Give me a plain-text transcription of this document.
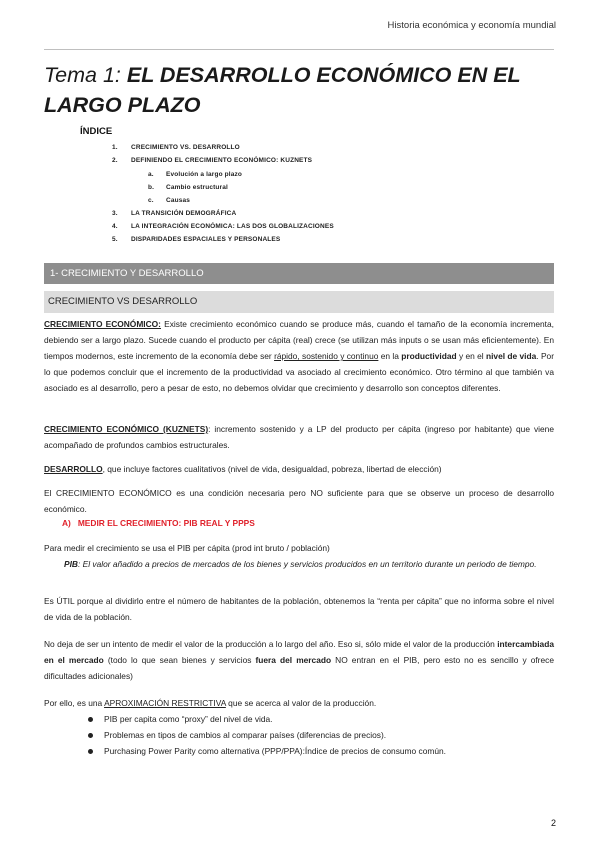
Historia económica y economía mundial
Tema 1: EL DESARROLLO ECONÓMICO EN EL
LARGO PLAZO
ÍNDICE
1. CRECIMIENTO VS. DESARROLLO
2. DEFINIENDO EL CRECIMIENTO ECONÓMICO: KUZNETS
a. Evolución a largo plazo
b. Cambio estructural
c. Causas
3. LA TRANSICIÓN DEMOGRÁFICA
4. LA INTEGRACIÓN ECONÓMICA: LAS DOS GLOBALIZACIONES
5. DISPARIDADES ESPACIALES Y PERSONALES
1- CRECIMIENTO Y DESARROLLO
CRECIMIENTO VS DESARROLLO
CRECIMIENTO ECONÓMICO: Existe crecimiento económico cuando se produce más, cuando el tamaño de la economía incrementa, debiendo ser a largo plazo. Sucede cuando el producto per cápita (real) crece (se utilizan más inputs o se usan más eficientemente). En tiempos modernos, este incremento de la economía debe ser rápido, sostenido y continuo en la productividad y en el nivel de vida. Por lo que podemos concluir que el incremento de la productividad va asociado al crecimiento económico. Otro término al que también va asociado es al desarrollo, pero a pesar de esto, no debemos olvidar que crecimiento y desarrollo son conceptos diferentes.
CRECIMIENTO ECONÓMICO (KUZNETS): incremento sostenido y a LP del producto per cápita (ingreso por habitante) que viene acompañado de profundos cambios estructurales.
DESARROLLO, que incluye factores cualitativos (nivel de vida, desigualdad, pobreza, libertad de elección)
El CRECIMIENTO ECONÓMICO es una condición necesaria pero NO suficiente para que se observe un proceso de desarrollo económico.
A) MEDIR EL CRECIMIENTO: PIB REAL Y PPPS
Para medir el crecimiento se usa el PIB per cápita (prod int bruto / población)
PIB: El valor añadido a precios de mercados de los bienes y servicios producidos en un territorio durante un periodo de tiempo.
Es ÚTIL porque al dividirlo entre el número de habitantes de la población, obtenemos la “renta per cápita” que no informa sobre el nivel de vida de la población.
No deja de ser un intento de medir el valor de la producción a lo largo del año. Eso si, sólo mide el valor de la producción intercambiada en el mercado (todo lo que sean bienes y servicios fuera del mercado NO entran en el PIB, pero esto no es sencillo y ofrece dificultades adicionales)
Por ello, es una APROXIMACIÓN RESTRICTIVA que se acerca al valor de la producción.
PIB per capita como “proxy” del nivel de vida.
Problemas en tipos de cambios al comparar países (diferencias de precios).
Purchasing Power Parity como alternativa (PPP/PPA):Índice de precios de consumo común.
2
